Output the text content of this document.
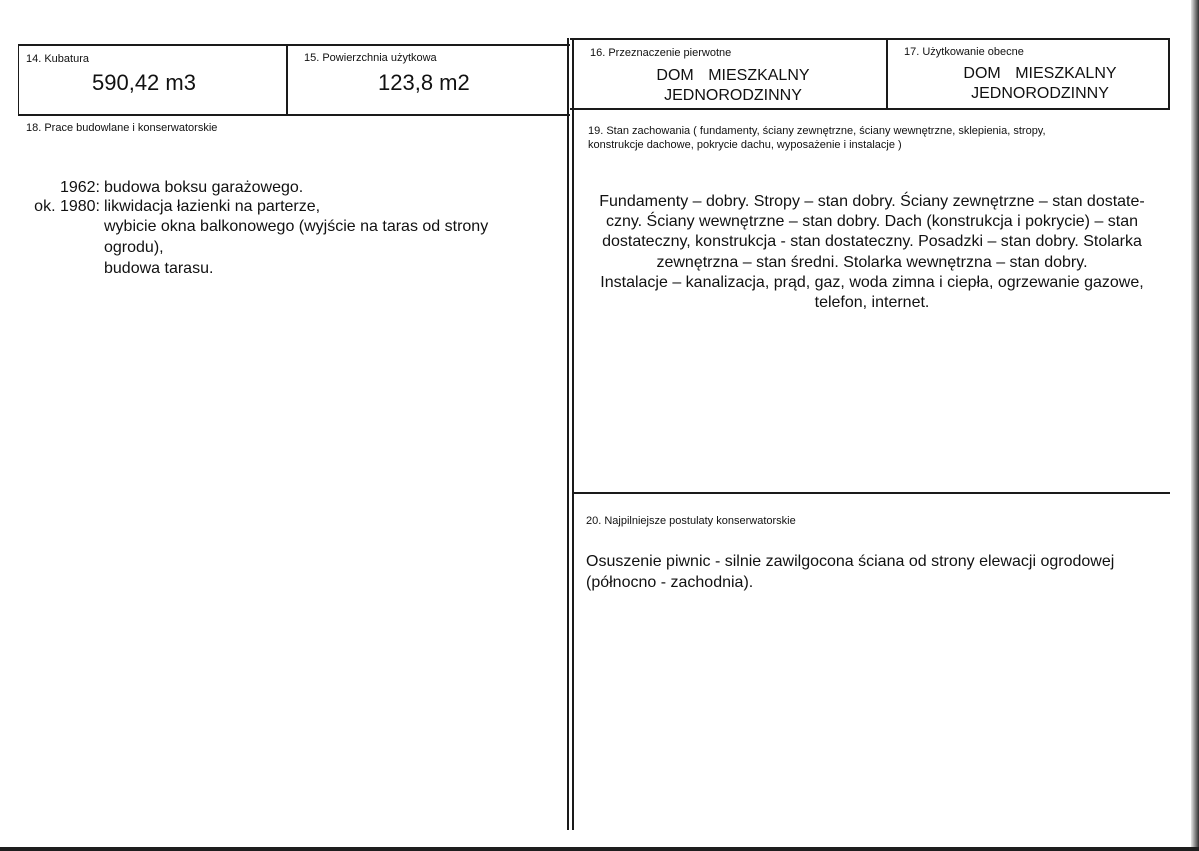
14. Kubatura
590,42 m3
15. Powierzchnia użytkowa
123,8 m2
16. Przeznaczenie pierwotne
DOM MIESZKALNY
JEDNORODZINNY
17. Użytkowanie obecne
DOM MIESZKALNY
JEDNORODZINNY
18. Prace budowlane i konserwatorskie
1962: budowa boksu garażowego.
ok. 1980: likwidacja łazienki na parterze,
wybicie okna balkonowego (wyjście na taras od strony
ogrodu),
budowa tarasu.
19. Stan zachowania ( fundamenty, ściany zewnętrzne, ściany wewnętrzne, sklepienia, stropy,
konstrukcje dachowe, pokrycie dachu, wyposażenie i instalacje )
Fundamenty – dobry. Stropy – stan dobry. Ściany zewnętrzne – stan dostate-
czny. Ściany wewnętrzne – stan dobry. Dach (konstrukcja i pokrycie) – stan
dostateczny, konstrukcja - stan dostateczny. Posadzki – stan dobry. Stolarka
zewnętrzna – stan średni. Stolarka wewnętrzna – stan dobry.
Instalacje – kanalizacja, prąd, gaz, woda zimna i ciepła, ogrzewanie gazowe,
telefon, internet.
20. Najpilniejsze postulaty konserwatorskie
Osuszenie piwnic - silnie zawilgocona ściana od strony elewacji ogrodowej
(północno - zachodnia).
